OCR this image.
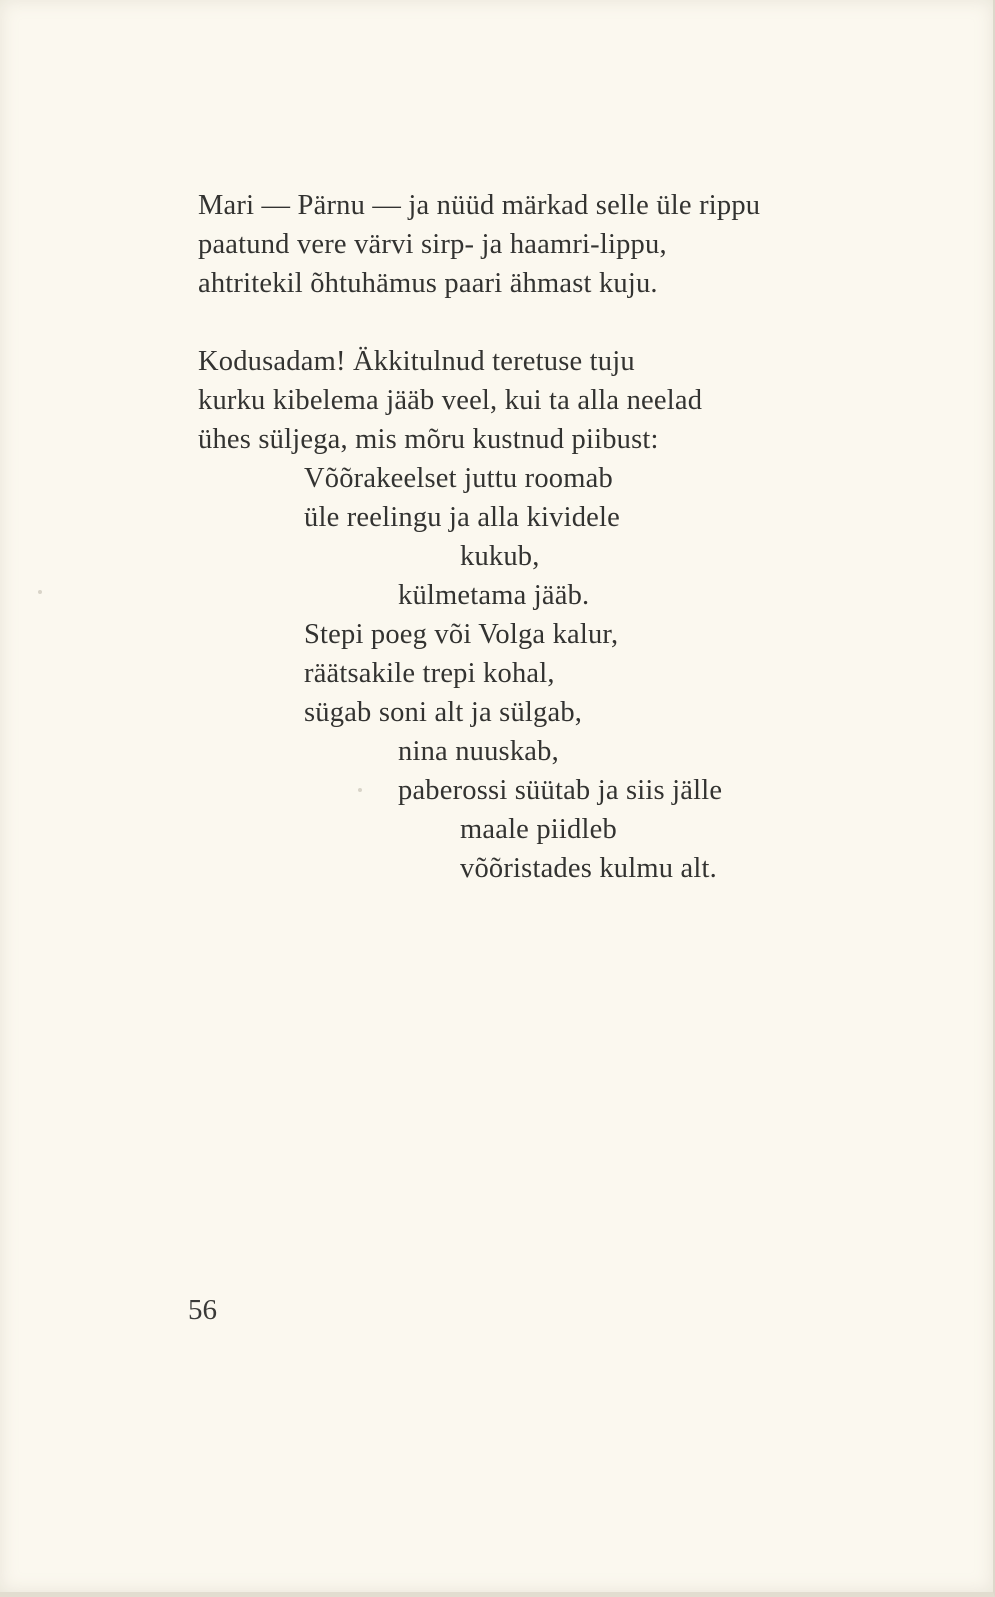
Mari — Pärnu — ja nüüd märkad selle üle rippu
paatund vere värvi sirp- ja haamri-lippu,
ahtritekil õhtuhämus paari ähmast kuju.
Kodusadam! Äkkitulnud teretuse tuju
kurku kibelema jääb veel, kui ta alla neelad
ühes süljega, mis mõru kustnud piibust:
Võõrakeelset juttu roomab
üle reelingu ja alla kividele
kukub,
külmetama jääb.
Stepi poeg või Volga kalur,
räätsakile trepi kohal,
sügab soni alt ja sülgab,
nina nuuskab,
paberossi süütab ja siis jälle
maale piidleb
võõristades kulmu alt.
56
